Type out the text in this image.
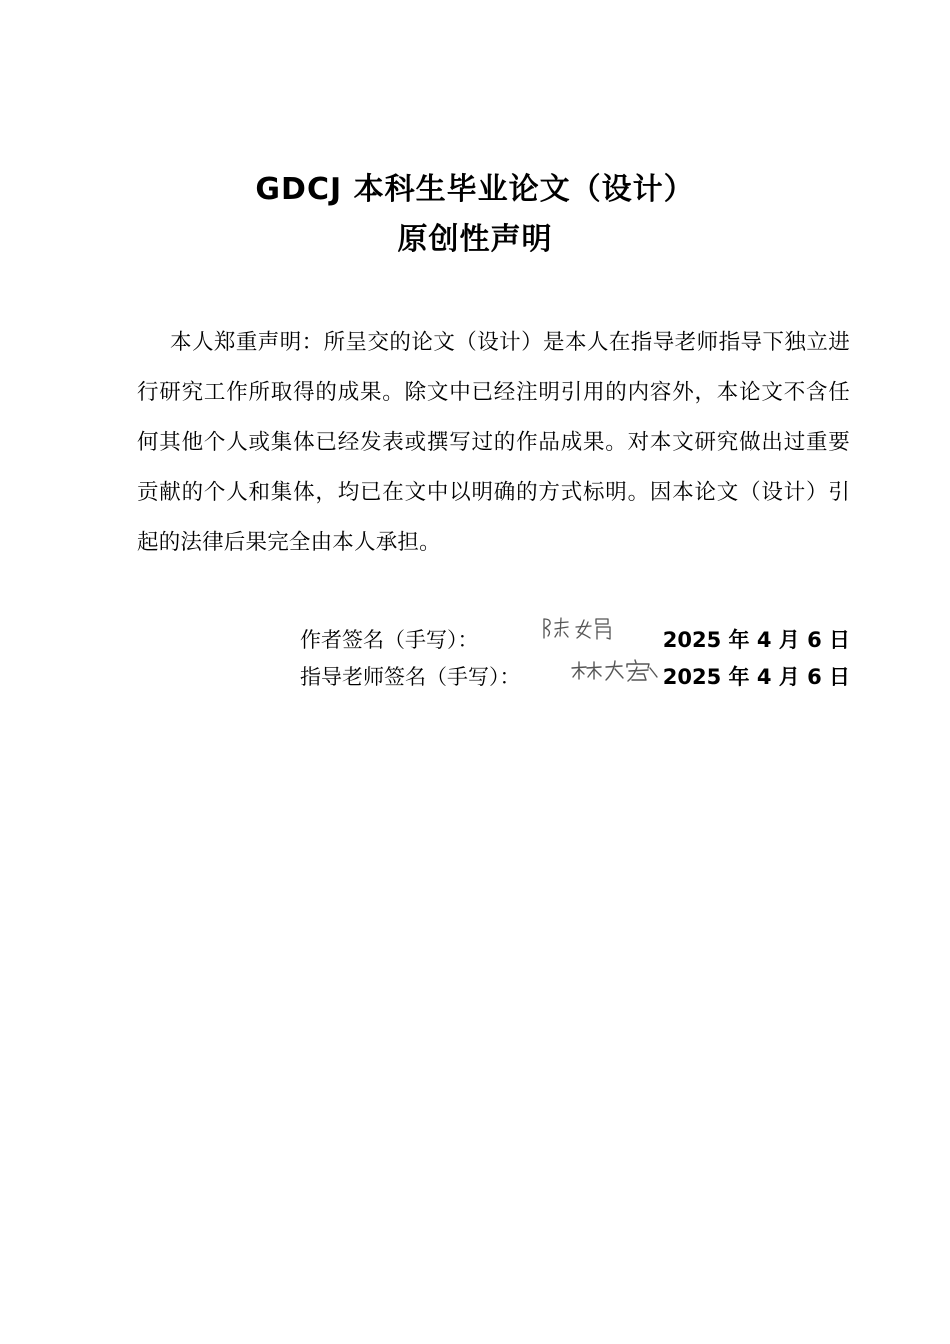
GDCJ 本科生毕业论文（设计）
原创性声明

本人郑重声明：所呈交的论文（设计）是本人在指导老师指导下独立进行研究工作所取得的成果。除文中已经注明引用的内容外，本论文不含任何其他个人或集体已经发表或撰写过的作品成果。对本文研究做出过重要贡献的个人和集体，均已在文中以明确的方式标明。因本论文（设计）引起的法律后果完全由本人承担。

作者签名（手写）：	2025 年 4 月 6 日
指导老师签名（手写）：	2025 年 4 月 6 日
